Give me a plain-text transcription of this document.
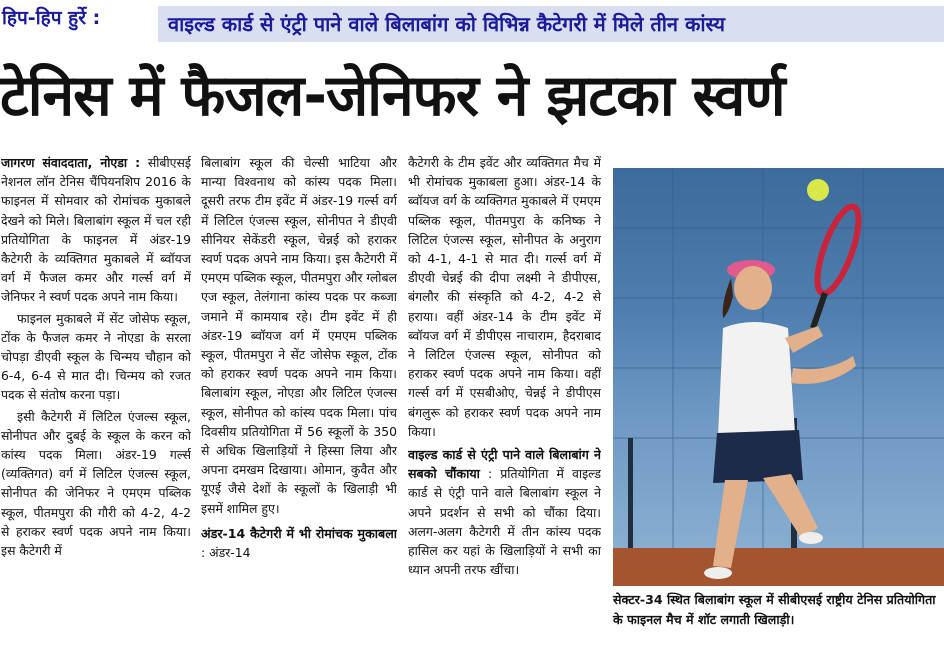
हिप-हिप हुर्रे :	वाइल्ड कार्ड से एंट्री पाने वाले बिलाबांग को विभिन्न कैटेगरी में मिले तीन कांस्य
टेनिस में फैजल-जेनिफर ने झटका स्वर्ण

जागरण संवाददाता, नोएडा : सीबीएसई नेशनल लॉन टेनिस चैंपियनशिप 2016 के फाइनल में सोमवार को रोमांचक मुकाबले देखने को मिले। बिलाबांग स्कूल में चल रही प्रतियोगिता के फाइनल में अंडर-19 कैटेगरी के व्यक्तिगत मुकाबले में ब्वॉयज वर्ग में फैजल कमर और गर्ल्स वर्ग में जेनिफर ने स्वर्ण पदक अपने नाम किया।

फाइनल मुकाबले में सेंट जोसेफ स्कूल, टोंक के फैजल कमर ने नोएडा के सरला चोपड़ा डीएवी स्कूल के चिन्मय चौहान को 6-4, 6-4 से मात दी। चिन्मय को रजत पदक से संतोष करना पड़ा।

इसी कैटेगरी में लिटिल एंजल्स स्कूल, सोनीपत और दुबई के स्कूल के करन को कांस्य पदक मिला। अंडर-19 गर्ल्स (व्यक्तिगत) वर्ग में लिटिल एंजल्स स्कूल, सोनीपत की जेनिफर ने एमएम पब्लिक स्कूल, पीतमपुरा की गौरी को 4-2, 4-2 से हराकर स्वर्ण पदक अपने नाम किया। इस कैटेगरी में

बिलाबांग स्कूल की चेल्सी भाटिया और मान्या विश्वनाथ को कांस्य पदक मिला। दूसरी तरफ टीम इवेंट में अंडर-19 गर्ल्स वर्ग में लिटिल एंजल्स स्कूल, सोनीपत ने डीएवी सीनियर सेकेंडरी स्कूल, चेन्नई को हराकर स्वर्ण पदक अपने नाम किया। इस कैटेगरी में एमएम पब्लिक स्कूल, पीतमपुरा और ग्लोबल एज स्कूल, तेलंगाना कांस्य पदक पर कब्जा जमाने में कामयाब रहे। टीम इवेंट में ही अंडर-19 ब्वॉयज वर्ग में एमएम पब्लिक स्कूल, पीतमपुरा ने सेंट जोसेफ स्कूल, टोंक को हराकर स्वर्ण पदक अपने नाम किया। बिलाबांग स्कूल, नोएडा और लिटिल एंजल्स स्कूल, सोनीपत को कांस्य पदक मिला। पांच दिवसीय प्रतियोगिता में 56 स्कूलों के 350 से अधिक खिलाड़ियों ने हिस्सा लिया और अपना दमखम दिखाया। ओमान, कुवैत और यूएई जैसे देशों के स्कूलों के खिलाड़ी भी इसमें शामिल हुए।

अंडर-14 कैटेगरी में भी रोमांचक मुकाबला : अंडर-14

कैटेगरी के टीम इवेंट और व्यक्तिगत मैच में भी रोमांचक मुकाबला हुआ। अंडर-14 के ब्वॉयज वर्ग के व्यक्तिगत मुकाबले में एमएम पब्लिक स्कूल, पीतमपुरा के कनिष्क ने लिटिल एंजल्स स्कूल, सोनीपत के अनुराग को 4-1, 4-1 से मात दी। गर्ल्स वर्ग में डीएवी चेन्नई की दीपा लक्ष्मी ने डीपीएस, बंगलौर की संस्कृति को 4-2, 4-2 से हराया। वहीं अंडर-14 के टीम इवेंट में ब्वॉयज वर्ग में डीपीएस नाचाराम, हैदराबाद ने लिटिल एंजल्स स्कूल, सोनीपत को हराकर स्वर्ण पदक अपने नाम किया। वहीं गर्ल्स वर्ग में एसबीओए, चेन्नई ने डीपीएस बंगलुरू को हराकर स्वर्ण पदक अपने नाम किया।

वाइल्ड कार्ड से एंट्री पाने वाले बिलाबांग ने सबको चौंकाया : प्रतियोगिता में वाइल्ड कार्ड से एंट्री पाने वाले बिलाबांग स्कूल ने अपने प्रदर्शन से सभी को चौंका दिया। अलग-अलग कैटेगरी में तीन कांस्य पदक हासिल कर यहां के खिलाड़ियों ने सभी का ध्यान अपनी तरफ खींचा।

सेक्टर-34 स्थित बिलाबांग स्कूल में सीबीएसई राष्ट्रीय टेनिस प्रतियोगिता के फाइनल मैच में शॉट लगाती खिलाड़ी।
